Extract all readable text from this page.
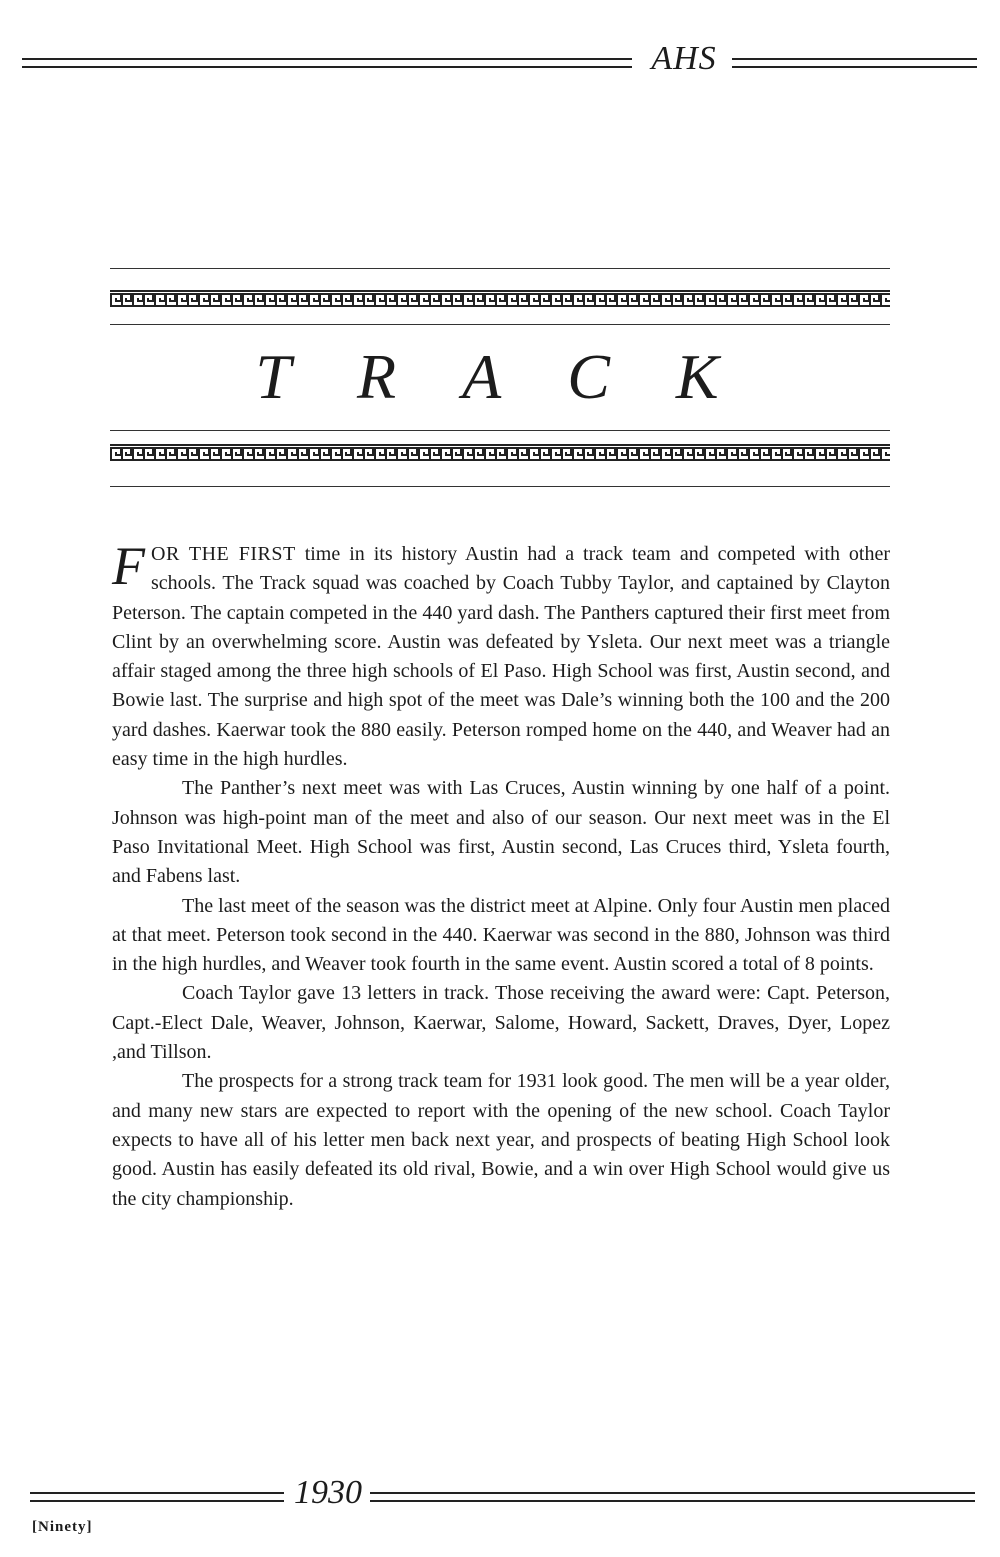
AHS
TRACK

FOR THE FIRST time in its history Austin had a track team and competed with other schools. The Track squad was coached by Coach Tubby Taylor, and captained by Clayton Peterson. The captain competed in the 440 yard dash. The Panthers captured their first meet from Clint by an overwhelming score. Austin was defeated by Ysleta. Our next meet was a triangle affair staged among the three high schools of El Paso. High School was first, Austin second, and Bowie last. The surprise and high spot of the meet was Dale’s winning both the 100 and the 200 yard dashes. Kaerwar took the 880 easily. Peterson romped home on the 440, and Weaver had an easy time in the high hurdles.

The Panther’s next meet was with Las Cruces, Austin winning by one half of a point. Johnson was high-point man of the meet and also of our season. Our next meet was in the El Paso Invitational Meet. High School was first, Austin second, Las Cruces third, Ysleta fourth, and Fabens last.

The last meet of the season was the district meet at Alpine. Only four Austin men placed at that meet. Peterson took second in the 440. Kaerwar was second in the 880, Johnson was third in the high hurdles, and Weaver took fourth in the same event. Austin scored a total of 8 points.

Coach Taylor gave 13 letters in track. Those receiving the award were: Capt. Peterson, Capt.-Elect Dale, Weaver, Johnson, Kaerwar, Salome, Howard, Sackett, Draves, Dyer, Lopez ,and Tillson.

The prospects for a strong track team for 1931 look good. The men will be a year older, and many new stars are expected to report with the opening of the new school. Coach Taylor expects to have all of his letter men back next year, and prospects of beating High School look good. Austin has easily defeated its old rival, Bowie, and a win over High School would give us the city championship.

1930
[Ninety]
